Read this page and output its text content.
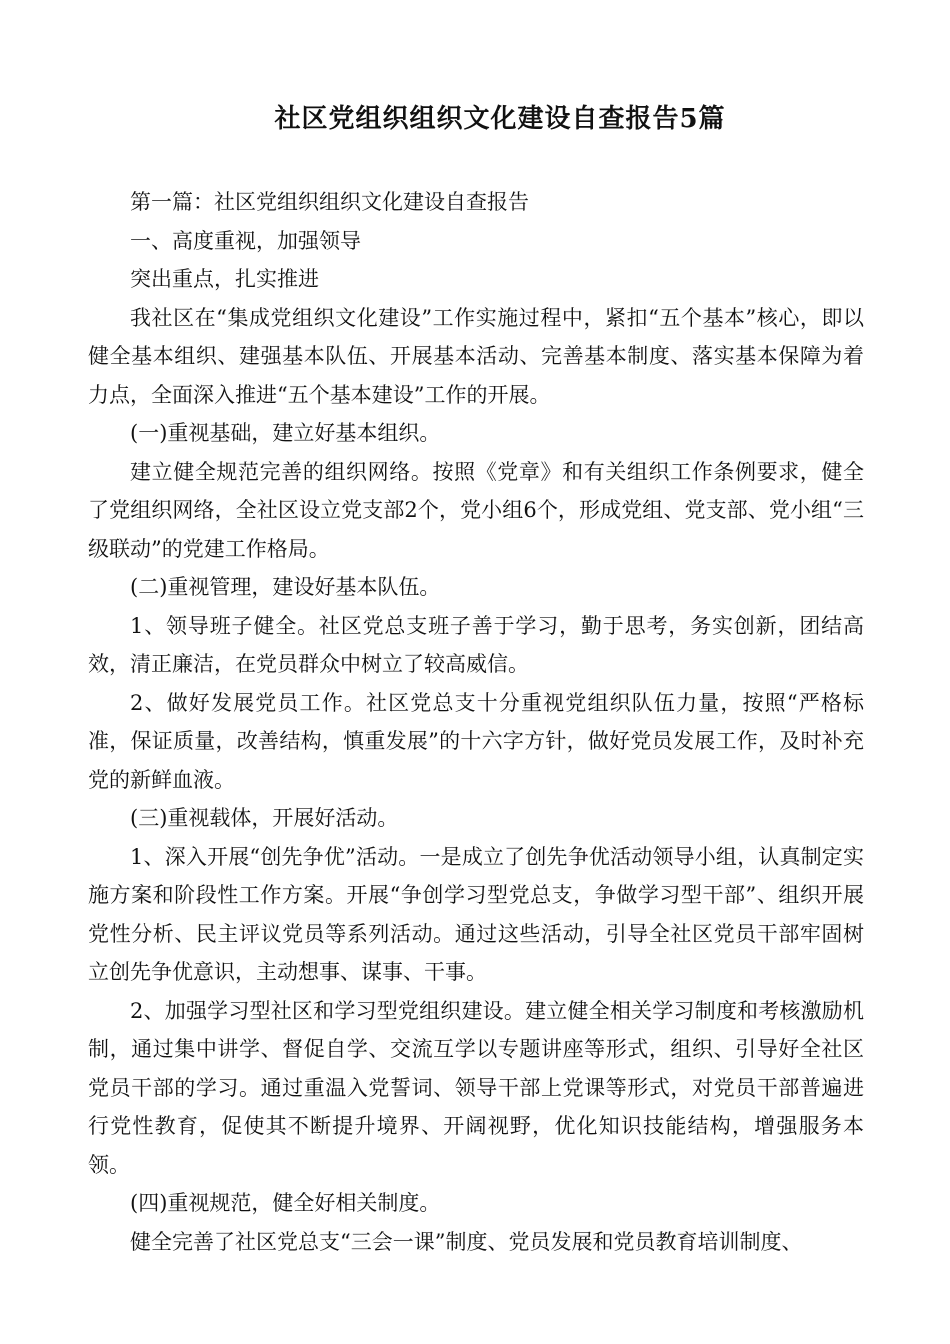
社区党组织组织文化建设自查报告5篇

第一篇：社区党组织组织文化建设自查报告

一、高度重视，加强领导

突出重点，扎实推进

我社区在“集成党组织文化建设”工作实施过程中，紧扣“五个基本”核心，即以健全基本组织、建强基本队伍、开展基本活动、完善基本制度、落实基本保障为着力点，全面深入推进“五个基本建设”工作的开展。

(一)重视基础，建立好基本组织。

建立健全规范完善的组织网络。按照《党章》和有关组织工作条例要求，健全了党组织网络，全社区设立党支部2个，党小组6个，形成党组、党支部、党小组“三级联动”的党建工作格局。

(二)重视管理，建设好基本队伍。

1、领导班子健全。社区党总支班子善于学习，勤于思考，务实创新，团结高效，清正廉洁，在党员群众中树立了较高威信。

2、做好发展党员工作。社区党总支十分重视党组织队伍力量，按照“严格标准，保证质量，改善结构，慎重发展”的十六字方针，做好党员发展工作，及时补充党的新鲜血液。

(三)重视载体，开展好活动。

1、深入开展“创先争优”活动。一是成立了创先争优活动领导小组，认真制定实施方案和阶段性工作方案。开展“争创学习型党总支，争做学习型干部”、组织开展党性分析、民主评议党员等系列活动。通过这些活动，引导全社区党员干部牢固树立创先争优意识，主动想事、谋事、干事。

2、加强学习型社区和学习型党组织建设。建立健全相关学习制度和考核激励机制，通过集中讲学、督促自学、交流互学以专题讲座等形式，组织、引导好全社区党员干部的学习。通过重温入党誓词、领导干部上党课等形式，对党员干部普遍进行党性教育，促使其不断提升境界、开阔视野，优化知识技能结构，增强服务本领。

(四)重视规范，健全好相关制度。

健全完善了社区党总支“三会一课”制度、党员发展和党员教育培训制度、
